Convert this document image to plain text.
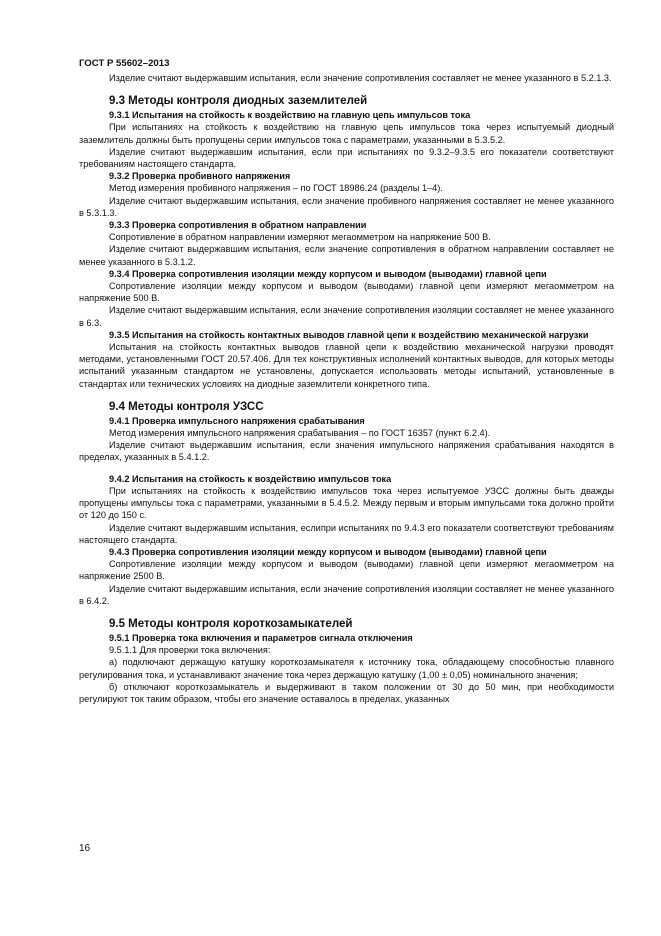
ГОСТ Р 55602–2013

Изделие считают выдержавшим испытания, если значение сопротивления составляет не менее указанного в 5.2.1.3.

9.3 Методы контроля диодных заземлителей
9.3.1 Испытания на стойкость к воздействию на главную цепь импульсов тока

При испытаниях на стойкость к воздействию на главную цепь импульсов тока через испытуемый диодный заземлитель должны быть пропущены серии импульсов тока с параметрами, указанными в 5.3.5.2.

Изделие считают выдержавшим испытания, если при испытаниях по 9.3.2–9.3.5 его показатели соответствуют требованиям настоящего стандарта.

9.3.2 Проверка пробивного напряжения

Метод измерения пробивного напряжения – по ГОСТ 18986.24 (разделы 1–4).

Изделие считают выдержавшим испытания, если значение пробивного напряжения составляет не менее указанного в 5.3.1.3.

9.3.3 Проверка сопротивления в обратном направлении

Сопротивление в обратном направлении измеряют мегаомметром на напряжение 500 В.

Изделие считают выдержавшим испытания, если значение сопротивления в обратном направлении составляет не менее указанного в 5.3.1.2.

9.3.4 Проверка сопротивления изоляции между корпусом и выводом (выводами) главной цепи

Сопротивление изоляции между корпусом и выводом (выводами) главной цепи измеряют мегаомметром на напряжение 500 В.

Изделие считают выдержавшим испытания, если значение сопротивления изоляции составляет не менее указанного в 6.3.

9.3.5 Испытания на стойкость контактных выводов главной цепи к воздействию механической нагрузки

Испытания на стойкость контактных выводов главной цепи к воздействию механической нагрузки проводят методами, установленными ГОСТ 20.57.406. Для тех конструктивных исполнений контактных выводов, для которых методы испытаний указанным стандартом не установлены, допускается использовать методы испытаний, установленные в стандартах или технических условиях на диодные заземлители конкретного типа.

9.4 Методы контроля УЗСС
9.4.1 Проверка импульсного напряжения срабатывания

Метод измерения импульсного напряжения срабатывания – по ГОСТ 16357 (пункт 6.2.4).

Изделие считают выдержавшим испытания, если значения импульсного напряжения срабатывания находятся в пределах, указанных в 5.4.1.2.

9.4.2 Испытания на стойкость к воздействию импульсов тока

При испытаниях на стойкость к воздействию импульсов тока через испытуемое УЗСС должны быть дважды пропущены импульсы тока с параметрами, указанными в 5.4.5.2. Между первым и вторым импульсами тока должно пройти от 120 до 150 с.

Изделие считают выдержавшим испытания, еслипри испытаниях по 9.4.3 его показатели соответствуют требованиям настоящего стандарта.

9.4.3 Проверка сопротивления изоляции между корпусом и выводом (выводами) главной цепи

Сопротивление изоляции между корпусом и выводом (выводами) главной цепи измеряют мегаомметром на напряжение 2500 В.

Изделие считают выдержавшим испытания, если значение сопротивления изоляции составляет не менее указанного в 6.4.2.

9.5 Методы контроля короткозамыкателей
9.5.1 Проверка тока включения и параметров сигнала отключения

9.5.1.1 Для проверки тока включения:

а) подключают держащую катушку короткозамыкателя к источнику тока, обладающему способностью плавного регулирования тока, и устанавливают значение тока через держащую катушку (1,00 ± 0,05) номинального значения;

б) отключают короткозамыкатель и выдерживают в таком положении от 30 до 50 мин, при необходимости регулируют ток таким образом, чтобы его значение оставалось в пределах, указанных

16
